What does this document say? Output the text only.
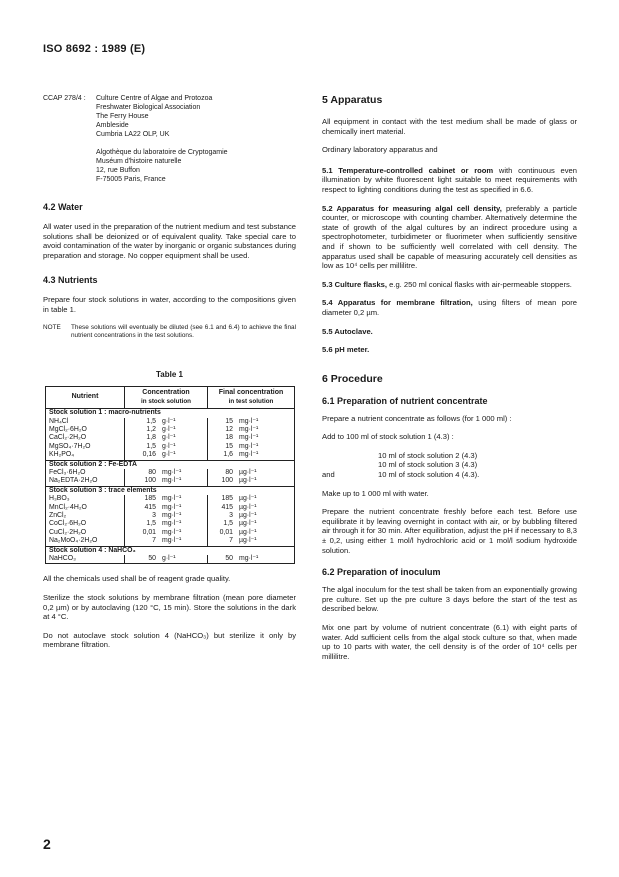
ISO 8692 : 1989 (E)
CCAP 278/4 :	Culture Centre of Algae and Protozoa
Freshwater Biological Association
The Ferry House
Ambleside
Cumbria LA22 OLP, UK
Algothèque du laboratoire de Cryptogamie
Muséum d'histoire naturelle
12, rue Buffon
F-75005 Paris, France
4.2 Water

All water used in the preparation of the nutrient medium and test substance solutions shall be deionized or of equivalent quality. Take special care to avoid contamination of the water by inorganic or organic substances during preparation and storage. No copper equipment shall be used.

4.3 Nutrients

Prepare four stock solutions in water, according to the compositions given in table 1.

NOTE	These solutions will eventually be diluted (see 6.1 and 6.4) to achieve the final nutrient concentrations in the test solutions.

Table 1
Nutrient	Concentration
in stock solution		Final concentration
in test solution	

Stock solution 1 : macro-nutrients				
NH₄Cl	1,5	g·l⁻¹	15	mg·l⁻¹
MgCl₂·6H₂O	1,2	g·l⁻¹	12	mg·l⁻¹
CaCl₂·2H₂O	1,8	g·l⁻¹	18	mg·l⁻¹
MgSO₄·7H₂O	1,5	g·l⁻¹	15	mg·l⁻¹
KH₂PO₄	0,16	g·l⁻¹	1,6	mg·l⁻¹
Stock solution 2 : Fe-EDTA				
FeCl₃·6H₂O	80	mg·l⁻¹	80	µg·l⁻¹
Na₂EDTA·2H₂O	100	mg·l⁻¹	100	µg·l⁻¹
Stock solution 3 : trace elements				
H₃BO₃	185	mg·l⁻¹	185	µg·l⁻¹
MnCl₂·4H₂O	415	mg·l⁻¹	415	µg·l⁻¹
ZnCl₂	3	mg·l⁻¹	3	µg·l⁻¹
CoCl₂·6H₂O	1,5	mg·l⁻¹	1,5	µg·l⁻¹
CuCl₂·2H₂O	0,01	mg·l⁻¹	0,01	µg·l⁻¹
Na₂MoO₄·2H₂O	7	mg·l⁻¹	7	µg·l⁻¹
Stock solution 4 : NaHCO₃				
NaHCO₃	50	g·l⁻¹	50	mg·l⁻¹

All the chemicals used shall be of reagent grade quality.

Sterilize the stock solutions by membrane filtration (mean pore diameter 0,2 µm) or by autoclaving (120 °C, 15 min). Store the solutions in the dark at 4 °C.

Do not autoclave stock solution 4 (NaHCO₃) but sterilize it only by membrane filtration.

5 Apparatus

All equipment in contact with the test medium shall be made of glass or chemically inert material.

Ordinary laboratory apparatus and

5.1 Temperature-controlled cabinet or room with continuous even illumination by white fluorescent light suitable to meet requirements with respect to lighting conditions during the test as specified in 6.6.

5.2 Apparatus for measuring algal cell density, preferably a particle counter, or microscope with counting chamber. Alternatively determine the state of growth of the algal cultures by an indirect procedure using a spectrophotometer, turbidimeter or fluorimeter when sufficiently sensitive and if shown to be sufficiently well correlated with cell density. The apparatus used shall be capable of measuring accurately cell densities as low as 10⁴ cells per millilitre.

5.3 Culture flasks, e.g. 250 ml conical flasks with air-permeable stoppers.

5.4 Apparatus for membrane filtration, using filters of mean pore diameter 0,2 µm.

5.5 Autoclave.

5.6 pH meter.

6 Procedure
6.1 Preparation of nutrient concentrate

Prepare a nutrient concentrate as follows (for 1 000 ml) :

Add to 100 ml of stock solution 1 (4.3) :

10 ml of stock solution 2 (4.3)
10 ml of stock solution 3 (4.3)
and	10 ml of stock solution 4 (4.3).

Make up to 1 000 ml with water.

Prepare the nutrient concentrate freshly before each test. Before use equilibrate it by leaving overnight in contact with air, or by bubbling filtered air through it for 30 min. After equilibration, adjust the pH if necessary to 8,3 ± 0,2, using either 1 mol/l hydrochloric acid or 1 mol/l sodium hydroxide solution.

6.2 Preparation of inoculum

The algal inoculum for the test shall be taken from an exponentially growing pre culture. Set up the pre culture 3 days before the start of the test as described below.

Mix one part by volume of nutrient concentrate (6.1) with eight parts of water. Add sufficient cells from the algal stock culture so that, when made up to 10 parts with water, the cell density is of the order of 10⁴ cells per millilitre.

2
